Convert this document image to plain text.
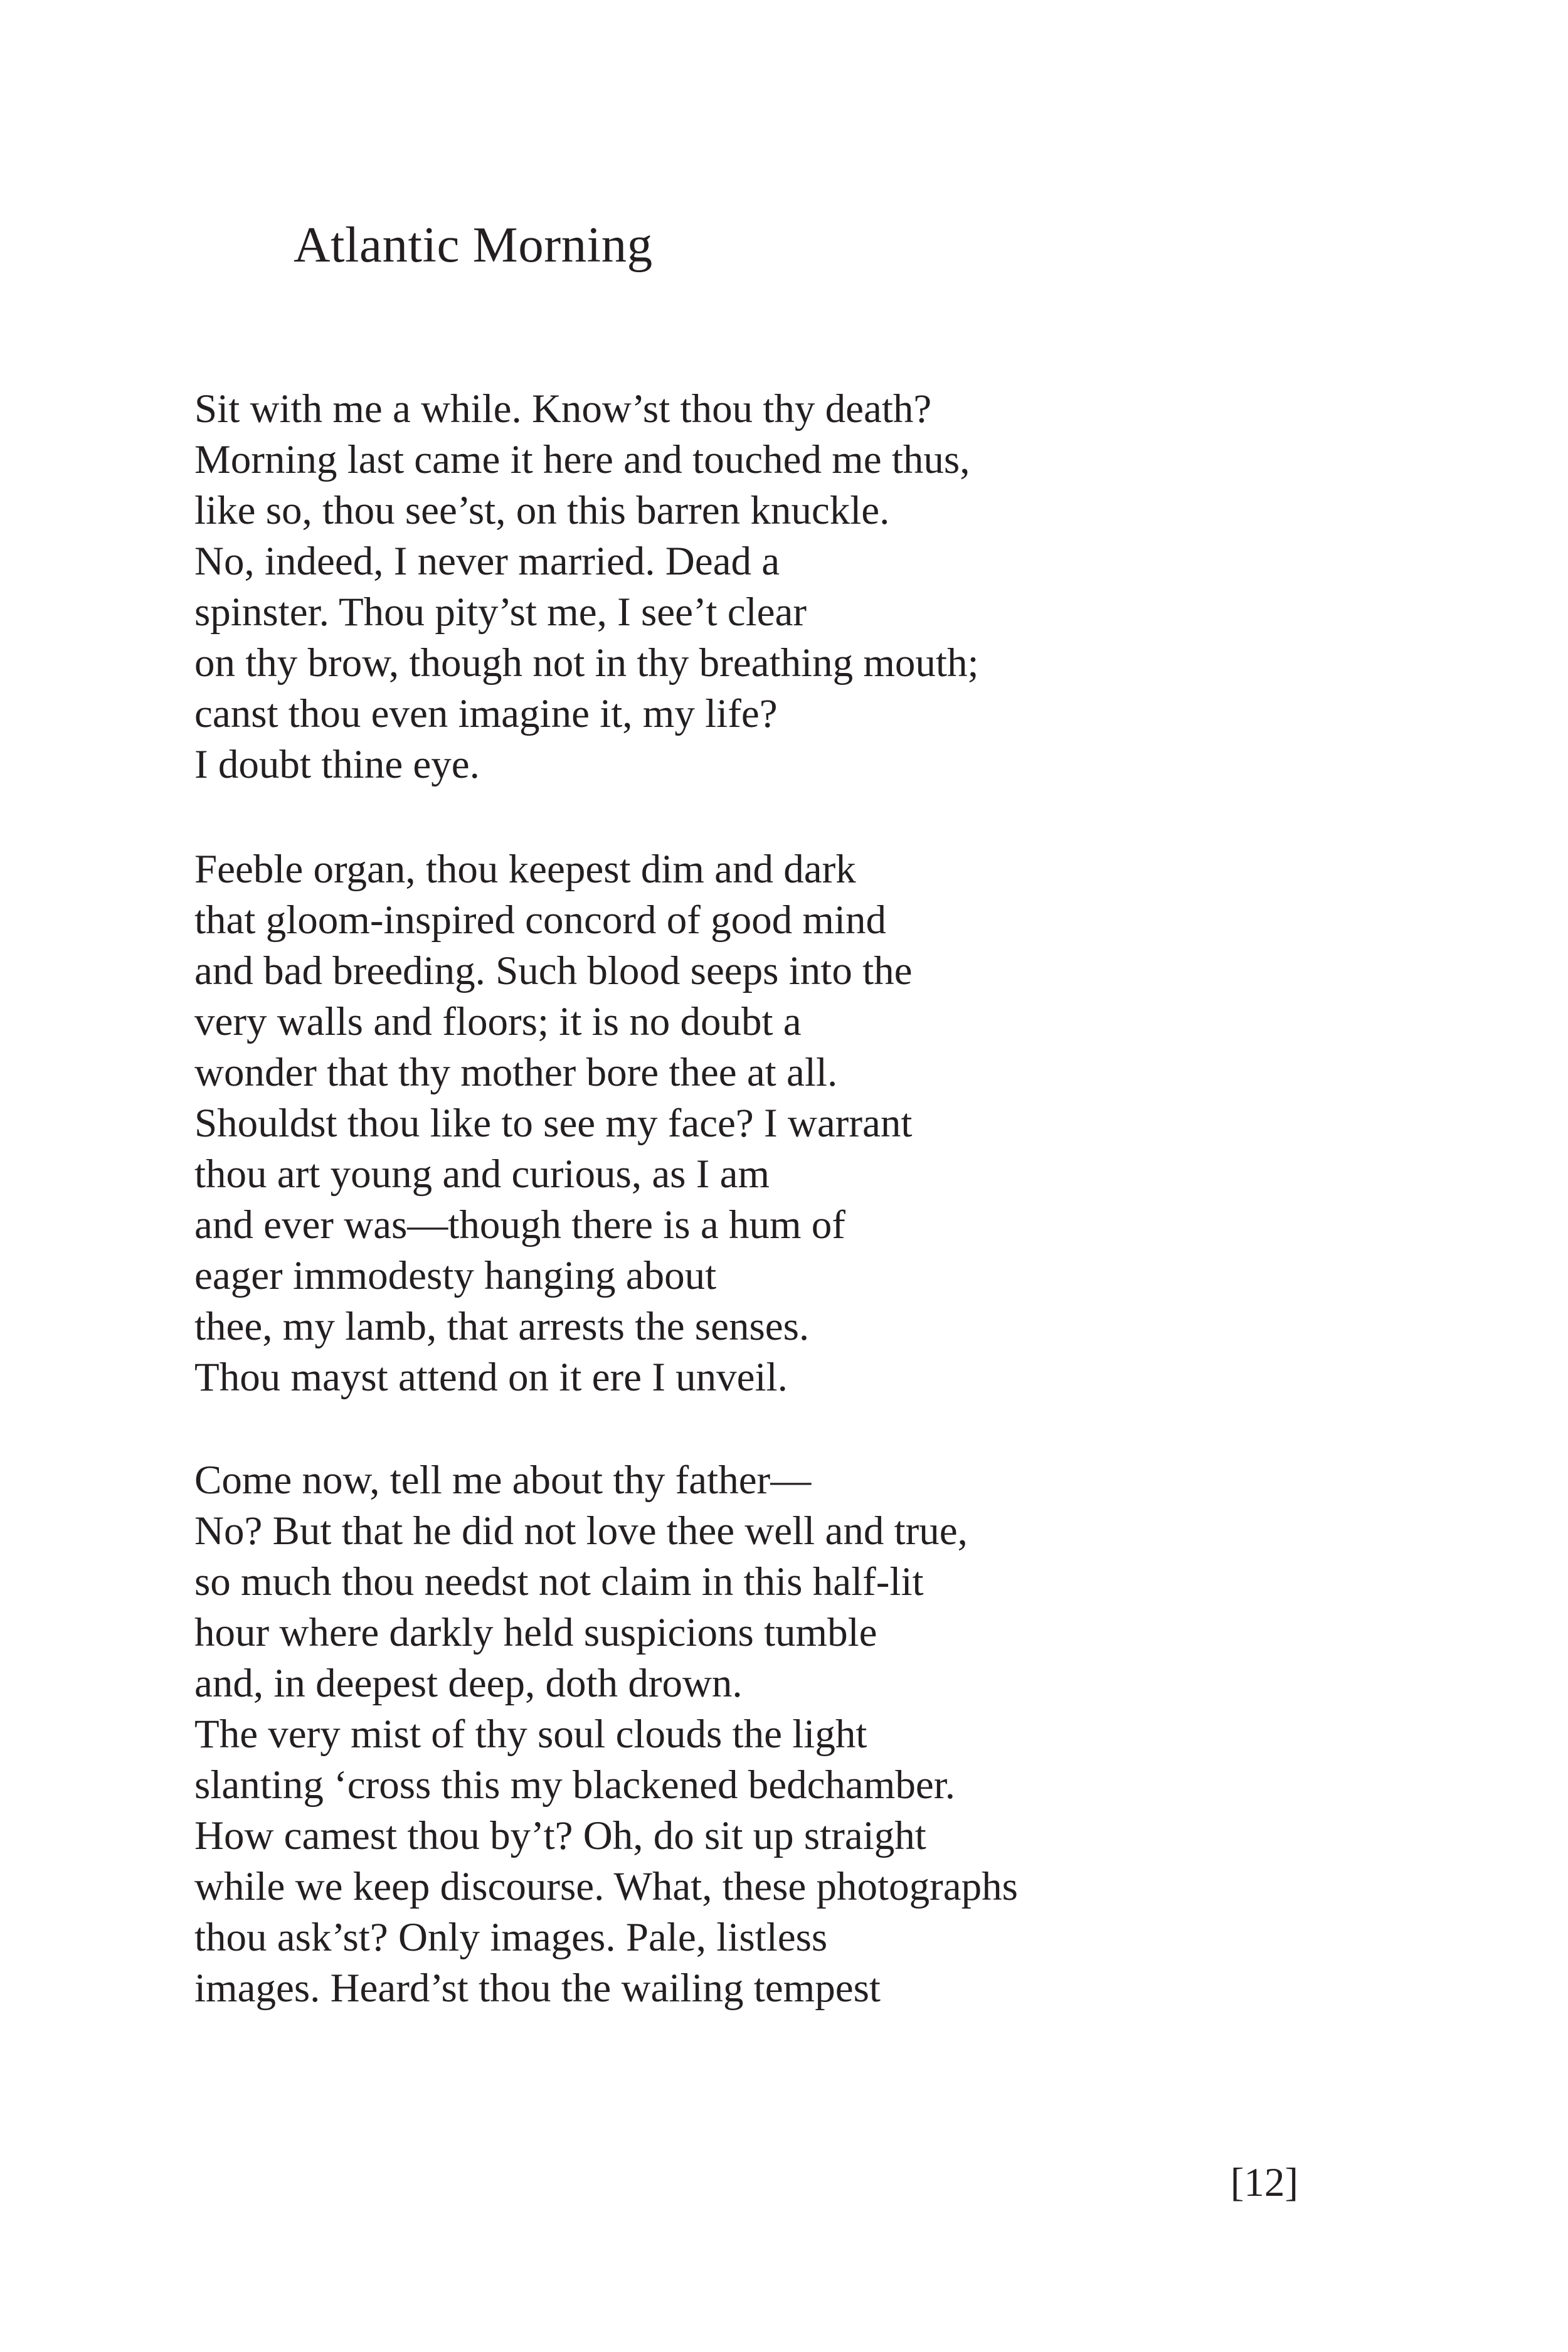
Atlantic Morning
Sit with me a while. Know’st thou thy death?
Morning last came it here and touched me thus,
like so, thou see’st, on this barren knuckle.
No, indeed, I never married. Dead a
spinster. Thou pity’st me, I see’t clear
on thy brow, though not in thy breathing mouth;
canst thou even imagine it, my life?
I doubt thine eye.
Feeble organ, thou keepest dim and dark
that gloom-inspired concord of good mind
and bad breeding. Such blood seeps into the
very walls and floors; it is no doubt a
wonder that thy mother bore thee at all.
Shouldst thou like to see my face? I warrant
thou art young and curious, as I am
and ever was—though there is a hum of
eager immodesty hanging about
thee, my lamb, that arrests the senses.
Thou mayst attend on it ere I unveil.
Come now, tell me about thy father—
No? But that he did not love thee well and true,
so much thou needst not claim in this half-lit
hour where darkly held suspicions tumble
and, in deepest deep, doth drown.
The very mist of thy soul clouds the light
slanting ‘cross this my blackened bedchamber.
How camest thou by’t? Oh, do sit up straight
while we keep discourse. What, these photographs
thou ask’st? Only images. Pale, listless
images. Heard’st thou the wailing tempest
[12]
